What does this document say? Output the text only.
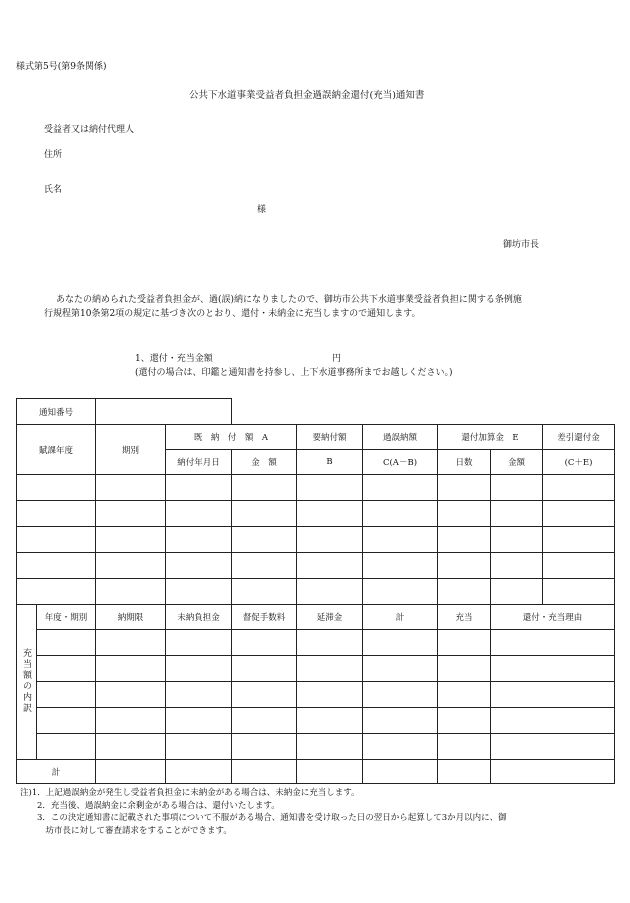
様式第5号(第9条関係)
公共下水道事業受益者負担金過誤納金還付(充当)通知書
受益者又は納付代理人
住所
氏名
様
御坊市長
あなたの納められた受益者負担金が、過(誤)納になりましたので、御坊市公共下水道事業受益者負担に関する条例施
行規程第10条第2項の規定に基づき次のとおり、還付・未納金に充当しますので通知します。
1、還付・充当金額	円
(還付の場合は、印鑑と通知書を持参し、上下水道事務所までお越しください。)
通知番号									
賦課年度		期別	既　納　付　額　A		要納付額	過誤納額	還付加算金　E		差引還付金
			納付年月日	金　額	B	C(A－B)	日数	金額	(C＋E)

充当額の内訳	年度・期別	納期限	未納負担金	督促手数料	延滞金	計	充当	還付・充当理由	

計									
注)1．上記過誤納金が発生し受益者負担金に未納金がある場合は、未納金に充当します。
　　2．充当後、過誤納金に余剰金がある場合は、還付いたします。
　　3．この決定通知書に記載された事項について不服がある場合、通知書を受け取った日の翌日から起算して3か月以内に、御
　　　坊市長に対して審査請求をすることができます。
